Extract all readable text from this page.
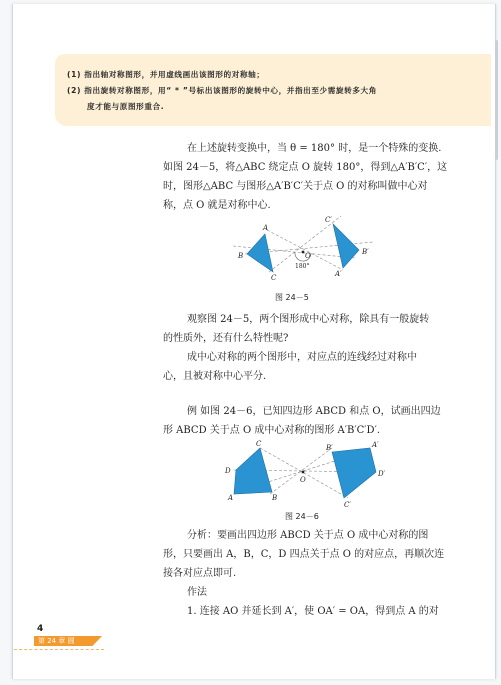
(1) 指出轴对称图形，并用虚线画出该图形的对称轴；
(2) 指出旋转对称图形，用“ * ”号标出该图形的旋转中心，并指出至少需旋转多大角
度才能与原图形重合.
在上述旋转变换中，当 θ = 180° 时，是一个特殊的变换.
如图 24－5，将△ABC 绕定点 O 旋转 180°，得到△A′B′C′，这
时，图形△ABC 与图形△A′B′C′关于点 O 的对称叫做中心对
称，点 O 就是对称中心.
A
B
C
O
180°
A′
B′
C′
图 24－5
观察图 24－5，两个图形成中心对称，除具有一般旋转
的性质外，还有什么特性呢?
成中心对称的两个图形中，对应点的连线经过对称中
心，且被对称中心平分.
例 如图 24－6，已知四边形 ABCD 和点 O，试画出四边
形 ABCD 关于点 O 成中心对称的图形 A′B′C′D′.
A	B
C
D
O
A′
B′
C′
D′
图 24－6
分析：要画出四边形 ABCD 关于点 O 成中心对称的图
形，只要画出 A，B，C，D 四点关于点 O 的对应点，再顺次连
接各对应点即可.
作法
1. 连接 AO 并延长到 A′，使 OA′ = OA，得到点 A 的对
4
第 24 章 圆
